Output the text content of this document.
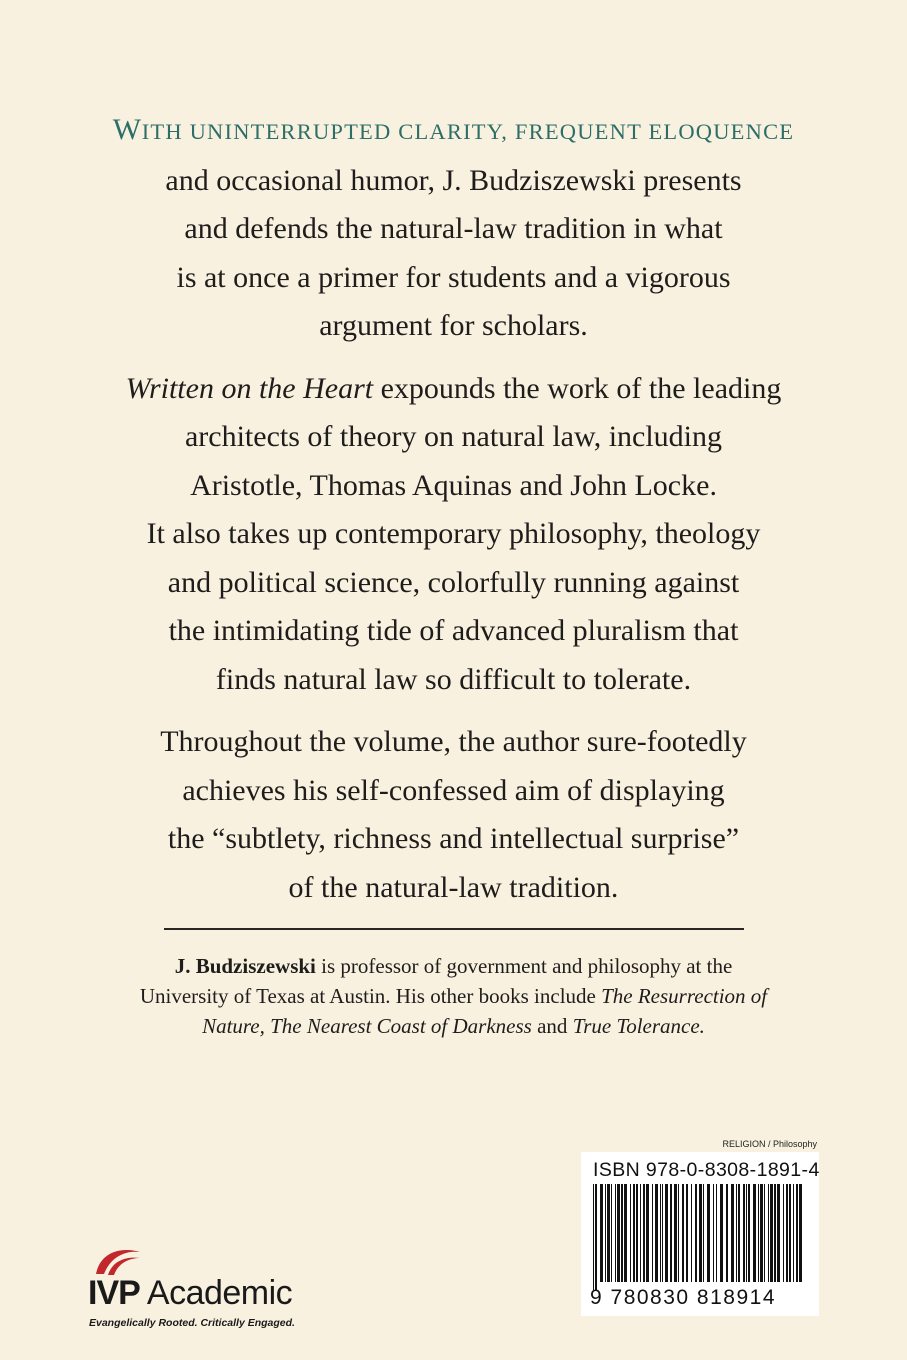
WITH UNINTERRUPTED CLARITY, FREQUENT ELOQUENCE
and occasional humor, J. Budziszewski presents
and defends the natural-law tradition in what
is at once a primer for students and a vigorous
argument for scholars.

Written on the Heart expounds the work of the leading
architects of theory on natural law, including
Aristotle, Thomas Aquinas and John Locke.
It also takes up contemporary philosophy, theology
and political science, colorfully running against
the intimidating tide of advanced pluralism that
finds natural law so difficult to tolerate.

Throughout the volume, the author sure-footedly
achieves his self-confessed aim of displaying
the “subtlety, richness and intellectual surprise”
of the natural-law tradition.

J. Budziszewski is professor of government and philosophy at the
University of Texas at Austin. His other books include The Resurrection of
Nature, The Nearest Coast of Darkness and True Tolerance.
RELIGION / Philosophy
ISBN 978-0-8308-1891-4
9 780830 818914
IVP Academic
Evangelically Rooted. Critically Engaged.
